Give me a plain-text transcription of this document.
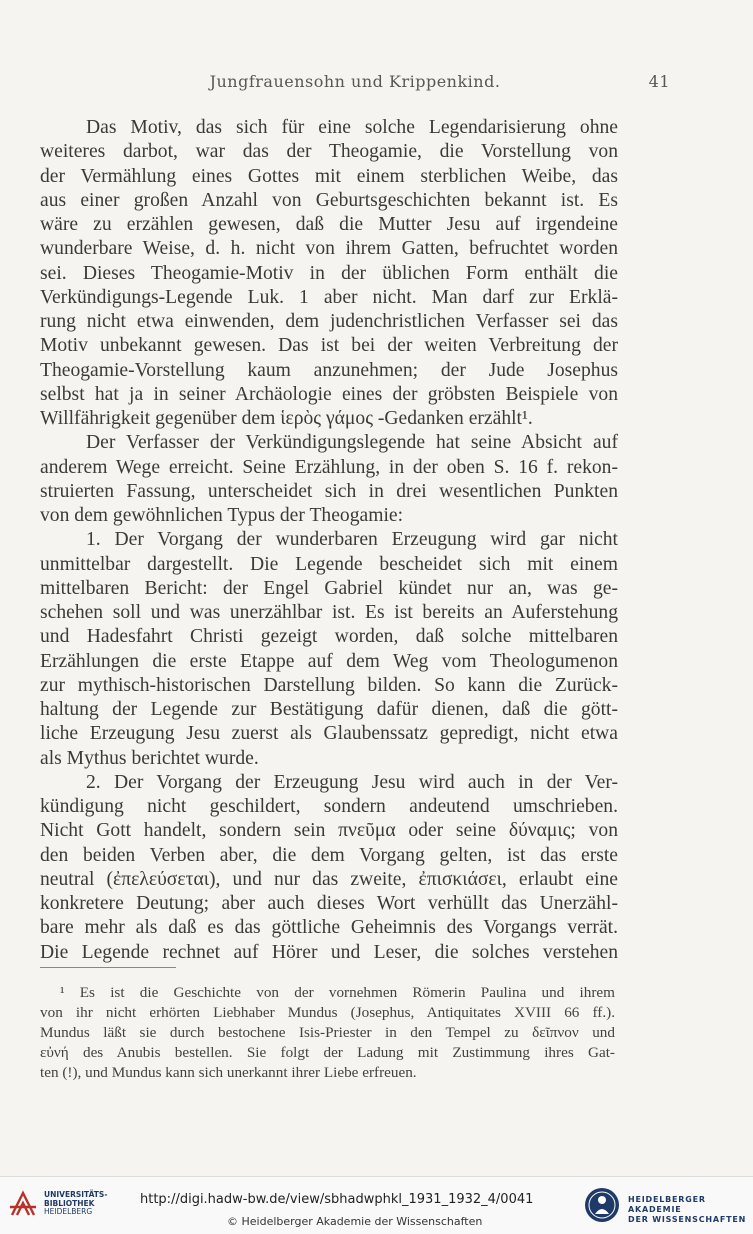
Jungfrauensohn und Krippenkind.	41
Das Motiv, das sich für eine solche Legendarisierung ohne
weiteres darbot, war das der Theogamie, die Vorstellung von
der Vermählung eines Gottes mit einem sterblichen Weibe, das
aus einer großen Anzahl von Geburtsgeschichten bekannt ist. Es
wäre zu erzählen gewesen, daß die Mutter Jesu auf irgendeine
wunderbare Weise, d. h. nicht von ihrem Gatten, befruchtet worden
sei. Dieses Theogamie-Motiv in der üblichen Form enthält die
Verkündigungs-Legende Luk. 1 aber nicht. Man darf zur Erklä-
rung nicht etwa einwenden, dem judenchristlichen Verfasser sei das
Motiv unbekannt gewesen. Das ist bei der weiten Verbreitung der
Theogamie-Vorstellung kaum anzunehmen; der Jude Josephus
selbst hat ja in seiner Archäologie eines der gröbsten Beispiele von
Willfährigkeit gegenüber dem ἱερὸς γάμος -Gedanken erzählt¹.
Der Verfasser der Verkündigungslegende hat seine Absicht auf
anderem Wege erreicht. Seine Erzählung, in der oben S. 16 f. rekon-
struierten Fassung, unterscheidet sich in drei wesentlichen Punkten
von dem gewöhnlichen Typus der Theogamie:
1. Der Vorgang der wunderbaren Erzeugung wird gar nicht
unmittelbar dargestellt. Die Legende bescheidet sich mit einem
mittelbaren Bericht: der Engel Gabriel kündet nur an, was ge-
schehen soll und was unerzählbar ist. Es ist bereits an Auferstehung
und Hadesfahrt Christi gezeigt worden, daß solche mittelbaren
Erzählungen die erste Etappe auf dem Weg vom Theologumenon
zur mythisch-historischen Darstellung bilden. So kann die Zurück-
haltung der Legende zur Bestätigung dafür dienen, daß die gött-
liche Erzeugung Jesu zuerst als Glaubenssatz gepredigt, nicht etwa
als Mythus berichtet wurde.
2. Der Vorgang der Erzeugung Jesu wird auch in der Ver-
kündigung nicht geschildert, sondern andeutend umschrieben.
Nicht Gott handelt, sondern sein πνεῦμα oder seine δύναμις; von
den beiden Verben aber, die dem Vorgang gelten, ist das erste
neutral (ἐπελεύσεται), und nur das zweite, ἐπισκιάσει, erlaubt eine
konkretere Deutung; aber auch dieses Wort verhüllt das Unerzähl-
bare mehr als daß es das göttliche Geheimnis des Vorgangs verrät.
Die Legende rechnet auf Hörer und Leser, die solches verstehen
¹ Es ist die Geschichte von der vornehmen Römerin Paulina und ihrem
von ihr nicht erhörten Liebhaber Mundus (Josephus, Antiquitates XVIII 66 ff.).
Mundus läßt sie durch bestochene Isis-Priester in den Tempel zu δεῖπνον und
εὐνή des Anubis bestellen. Sie folgt der Ladung mit Zustimmung ihres Gat-
ten (!), und Mundus kann sich unerkannt ihrer Liebe erfreuen.
UNIVERSITÄTS-
BIBLIOTHEK
HEIDELBERG
http://digi.hadw-bw.de/view/sbhadwphkl_1931_1932_4/0041
© Heidelberger Akademie der Wissenschaften
HEIDELBERGER AKADEMIE
DER WISSENSCHAFTEN
